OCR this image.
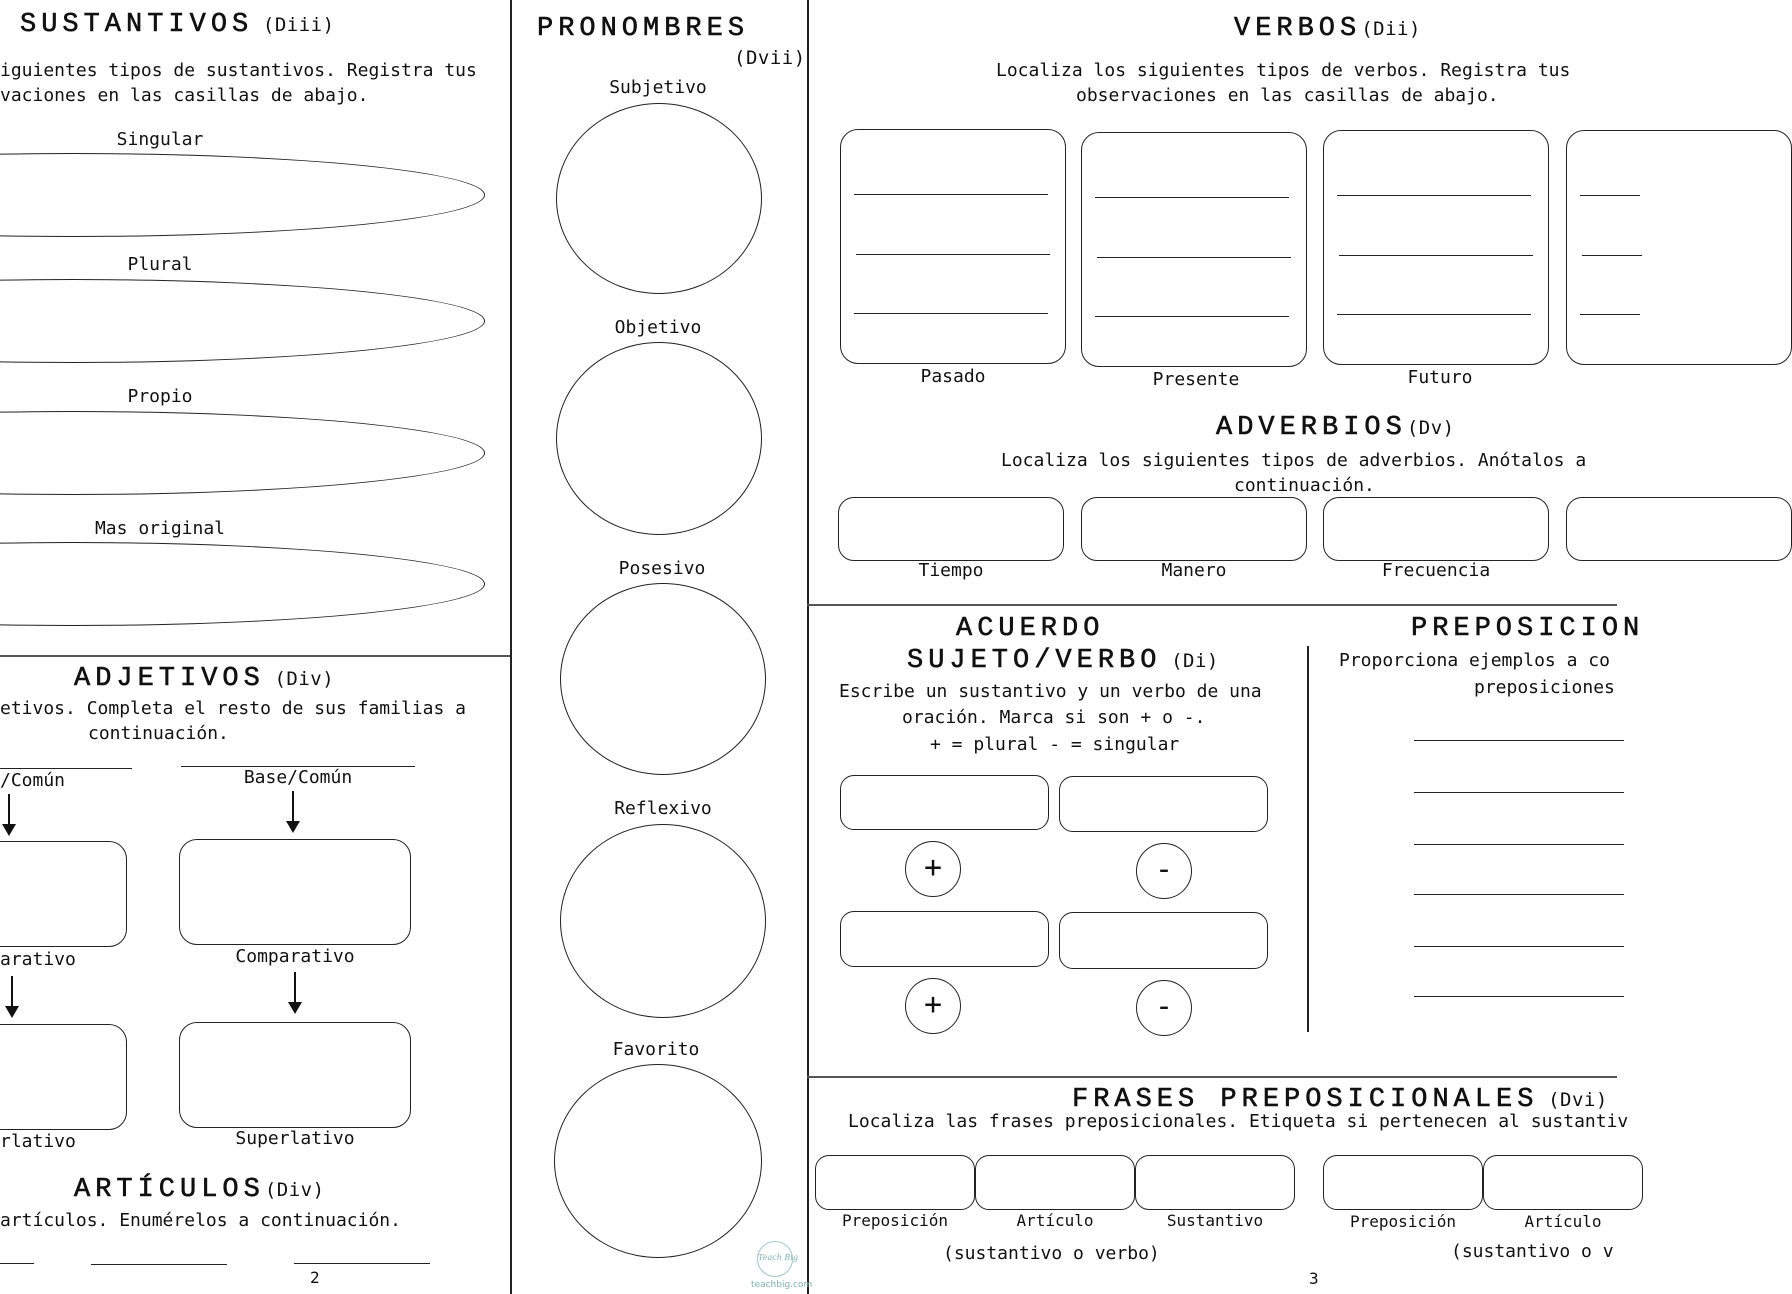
SUSTANTIVOS (Diii)
iguientes tipos de sustantivos. Registra tus
vaciones en las casillas de abajo.
Singular
Plural
Propio
Mas original
ADJETIVOS (Div)
etivos. Completa el resto de sus familias a
continuación.
/Común	Base/Común
arativo	Comparativo
rlativo	Superlativo
ARTÍCULOS(Div)
artículos. Enumérelos a continuación.
2
PRONOMBRES
(Dvii)
Subjetivo
Objetivo
Posesivo
Reflexivo
Favorito
Teach Big
teachbig.com
VERBOS(Dii)
Localiza los siguientes tipos de verbos. Registra tus
observaciones en las casillas de abajo.
Pasado	Presente	Futuro
ADVERBIOS(Dv)
Localiza los siguientes tipos de adverbios. Anótalos a
continuación.
Tiempo	Manero	Frecuencia
ACUERDO
SUJETO/VERBO (Di)
Escribe un sustantivo y un verbo de una
oración. Marca si son + o -.
+ = plural - = singular
+	-
+	-
PREPOSICION
Proporciona ejemplos a co
preposiciones
FRASES PREPOSICIONALES (Dvi)
Localiza las frases preposicionales. Etiqueta si pertenecen al sustantiv
Preposición	Artículo	Sustantivo
(sustantivo o verbo)
Preposición	Artículo
(sustantivo o v
3
